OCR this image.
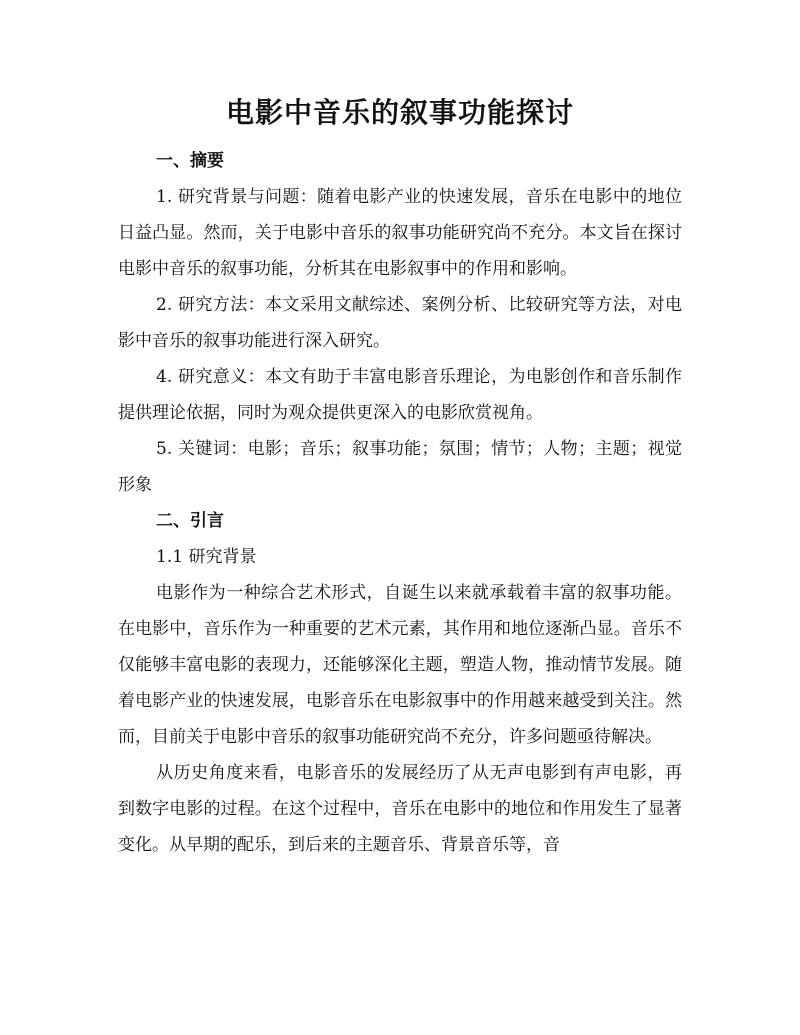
电影中音乐的叙事功能探讨

一、摘要

1. 研究背景与问题：随着电影产业的快速发展，音乐在电影中的地位日益凸显。然而，关于电影中音乐的叙事功能研究尚不充分。本文旨在探讨电影中音乐的叙事功能，分析其在电影叙事中的作用和影响。

2. 研究方法：本文采用文献综述、案例分析、比较研究等方法，对电影中音乐的叙事功能进行深入研究。

4. 研究意义：本文有助于丰富电影音乐理论，为电影创作和音乐制作提供理论依据，同时为观众提供更深入的电影欣赏视角。

5. 关键词：电影；音乐；叙事功能；氛围；情节；人物；主题；视觉形象

二、引言

1.1 研究背景

电影作为一种综合艺术形式，自诞生以来就承载着丰富的叙事功能。在电影中，音乐作为一种重要的艺术元素，其作用和地位逐渐凸显。音乐不仅能够丰富电影的表现力，还能够深化主题，塑造人物，推动情节发展。随着电影产业的快速发展，电影音乐在电影叙事中的作用越来越受到关注。然而，目前关于电影中音乐的叙事功能研究尚不充分，许多问题亟待解决。

从历史角度来看，电影音乐的发展经历了从无声电影到有声电影，再到数字电影的过程。在这个过程中，音乐在电影中的地位和作用发生了显著变化。从早期的配乐，到后来的主题音乐、背景音乐等，音
